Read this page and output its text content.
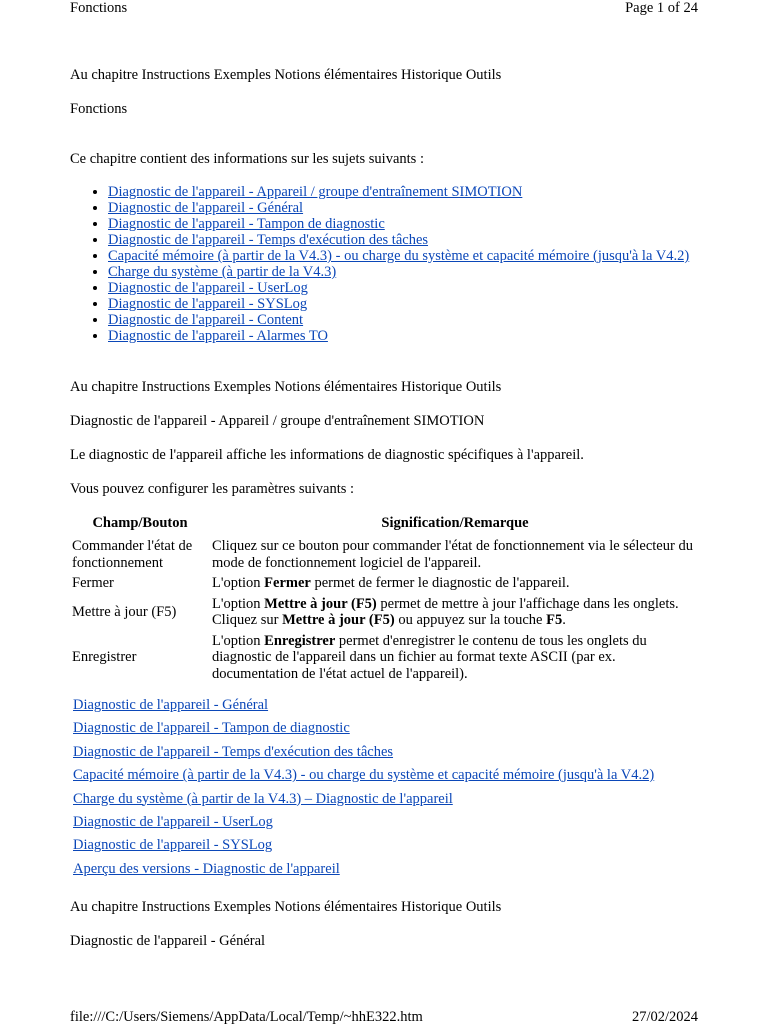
Fonctions	Page 1 of 24
Au chapitre Instructions Exemples Notions élémentaires Historique Outils
Fonctions
Ce chapitre contient des informations sur les sujets suivants :
• Diagnostic de l'appareil - Appareil / groupe d'entraînement SIMOTION
• Diagnostic de l'appareil - Général
• Diagnostic de l'appareil - Tampon de diagnostic
• Diagnostic de l'appareil - Temps d'exécution des tâches
• Capacité mémoire (à partir de la V4.3) - ou charge du système et capacité mémoire (jusqu'à la V4.2)
• Charge du système (à partir de la V4.3)
• Diagnostic de l'appareil - UserLog
• Diagnostic de l'appareil - SYSLog
• Diagnostic de l'appareil - Content
• Diagnostic de l'appareil - Alarmes TO
Au chapitre Instructions Exemples Notions élémentaires Historique Outils
Diagnostic de l'appareil - Appareil / groupe d'entraînement SIMOTION
Le diagnostic de l'appareil affiche les informations de diagnostic spécifiques à l'appareil.
Vous pouvez configurer les paramètres suivants :
Champ/Bouton	Signification/Remarque
Commander l'état de fonctionnement	Cliquez sur ce bouton pour commander l'état de fonctionnement via le sélecteur du mode de fonctionnement logiciel de l'appareil.
Fermer	L'option Fermer permet de fermer le diagnostic de l'appareil.
Mettre à jour (F5)	L'option Mettre à jour (F5) permet de mettre à jour l'affichage dans les onglets. Cliquez sur Mettre à jour (F5) ou appuyez sur la touche F5.
Enregistrer	L'option Enregistrer permet d'enregistrer le contenu de tous les onglets du diagnostic de l'appareil dans un fichier au format texte ASCII (par ex. documentation de l'état actuel de l'appareil).
Diagnostic de l'appareil - Général
Diagnostic de l'appareil - Tampon de diagnostic
Diagnostic de l'appareil - Temps d'exécution des tâches
Capacité mémoire (à partir de la V4.3) - ou charge du système et capacité mémoire (jusqu'à la V4.2)
Charge du système (à partir de la V4.3) – Diagnostic de l'appareil
Diagnostic de l'appareil - UserLog
Diagnostic de l'appareil - SYSLog
Aperçu des versions - Diagnostic de l'appareil
Au chapitre Instructions Exemples Notions élémentaires Historique Outils
Diagnostic de l'appareil - Général
file:///C:/Users/Siemens/AppData/Local/Temp/~hhE322.htm	27/02/2024
